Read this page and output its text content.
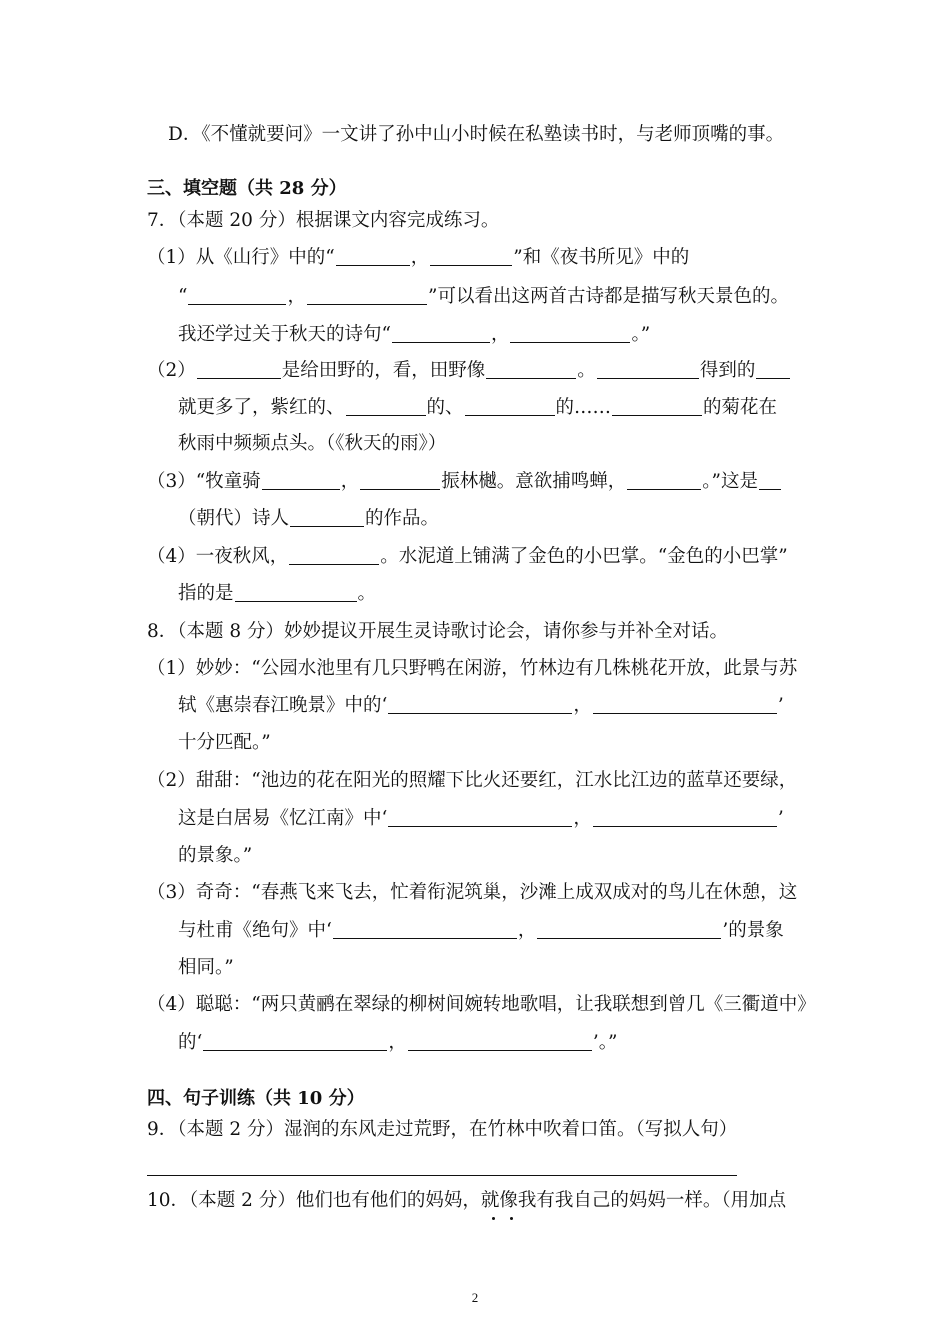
D．《不懂就要问》一文讲了孙中山小时候在私塾读书时，与老师顶嘴的事。
三、填空题（共 28 分）
7．（本题 20 分）根据课文内容完成练习。
（1）从《山行》中的“	，	”和《夜书所见》中的
“	，	”可以看出这两首古诗都是描写秋天景色的。
我还学过关于秋天的诗句“	，	。”
（2）	是给田野的，看，田野像	。	得到的
就更多了，紫红的、	的、	的……	的菊花在
秋雨中频频点头。（《秋天的雨》）
（3）“牧童骑	，	振林樾。意欲捕鸣蝉，	。”这是
（朝代）诗人	的作品。
（4）一夜秋风，	。水泥道上铺满了金色的小巴掌。“金色的小巴掌”
指的是	。
8．（本题 8 分）妙妙提议开展生灵诗歌讨论会，请你参与并补全对话。
（1）妙妙：“公园水池里有几只野鸭在闲游，竹林边有几株桃花开放，此景与苏
轼《惠崇春江晚景》中的‘	，	’
十分匹配。”
（2）甜甜：“池边的花在阳光的照耀下比火还要红，江水比江边的蓝草还要绿，
这是白居易《忆江南》中‘	，	’
的景象。”
（3）奇奇：“春燕飞来飞去，忙着衔泥筑巢，沙滩上成双成对的鸟儿在休憩，这
与杜甫《绝句》中‘	，	’的景象
相同。”
（4）聪聪：“两只黄鹂在翠绿的柳树间婉转地歌唱，让我联想到曾几《三衢道中》
的‘	，	’。”
四、句子训练（共 10 分）
9．（本题 2 分）湿润的东风走过荒野，在竹林中吹着口笛。（写拟人句）
10．（本题 2 分）他们也有他们的妈妈，就像我有我自己的妈妈一样。（用加点
2
